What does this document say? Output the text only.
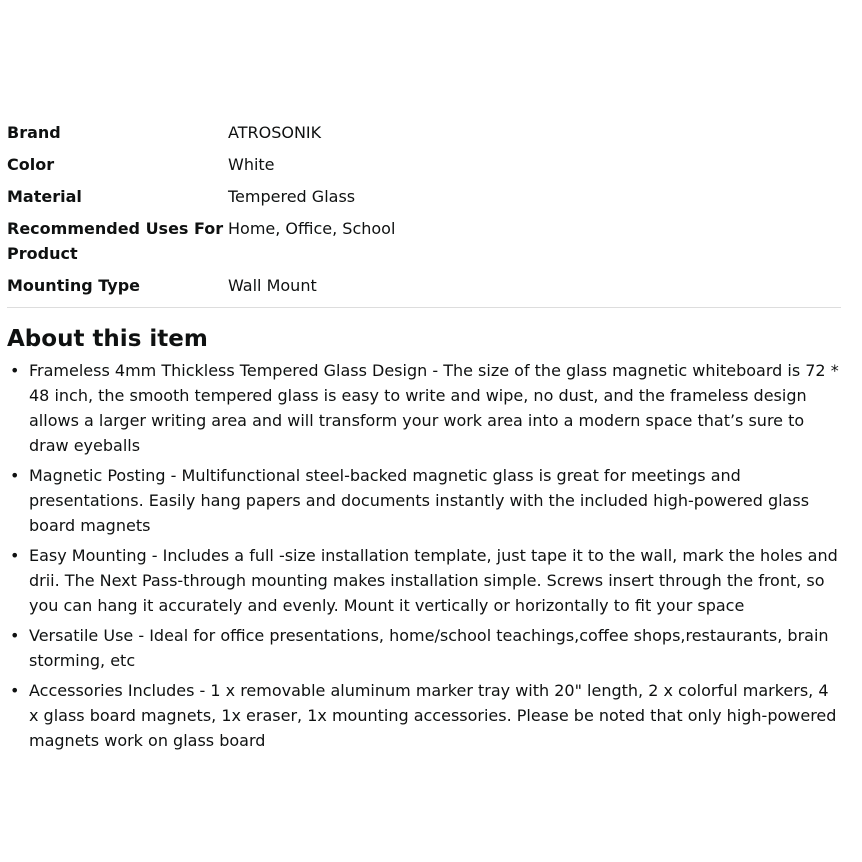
Brand	ATROSONIK
Color	White
Material	Tempered Glass
Recommended Uses For Product	Home, Office, School
Mounting Type	Wall Mount
About this item
• Frameless 4mm Thickless Tempered Glass Design - The size of the glass magnetic whiteboard is 72 * 48 inch, the smooth tempered glass is easy to write and wipe, no dust, and the frameless design allows a larger writing area and will transform your work area into a modern space that’s sure to draw eyeballs
• Magnetic Posting - Multifunctional steel-backed magnetic glass is great for meetings and presentations. Easily hang papers and documents instantly with the included high-powered glass board magnets
• Easy Mounting - Includes a full -size installation template, just tape it to the wall, mark the holes and drii. The Next Pass-through mounting makes installation simple. Screws insert through the front, so you can hang it accurately and evenly. Mount it vertically or horizontally to fit your space
• Versatile Use - Ideal for office presentations, home/school teachings,coffee shops,restaurants, brain storming, etc
• Accessories Includes - 1 x removable aluminum marker tray with 20" length, 2 x colorful markers, 4 x glass board magnets, 1x eraser, 1x mounting accessories. Please be noted that only high-powered magnets work on glass board
